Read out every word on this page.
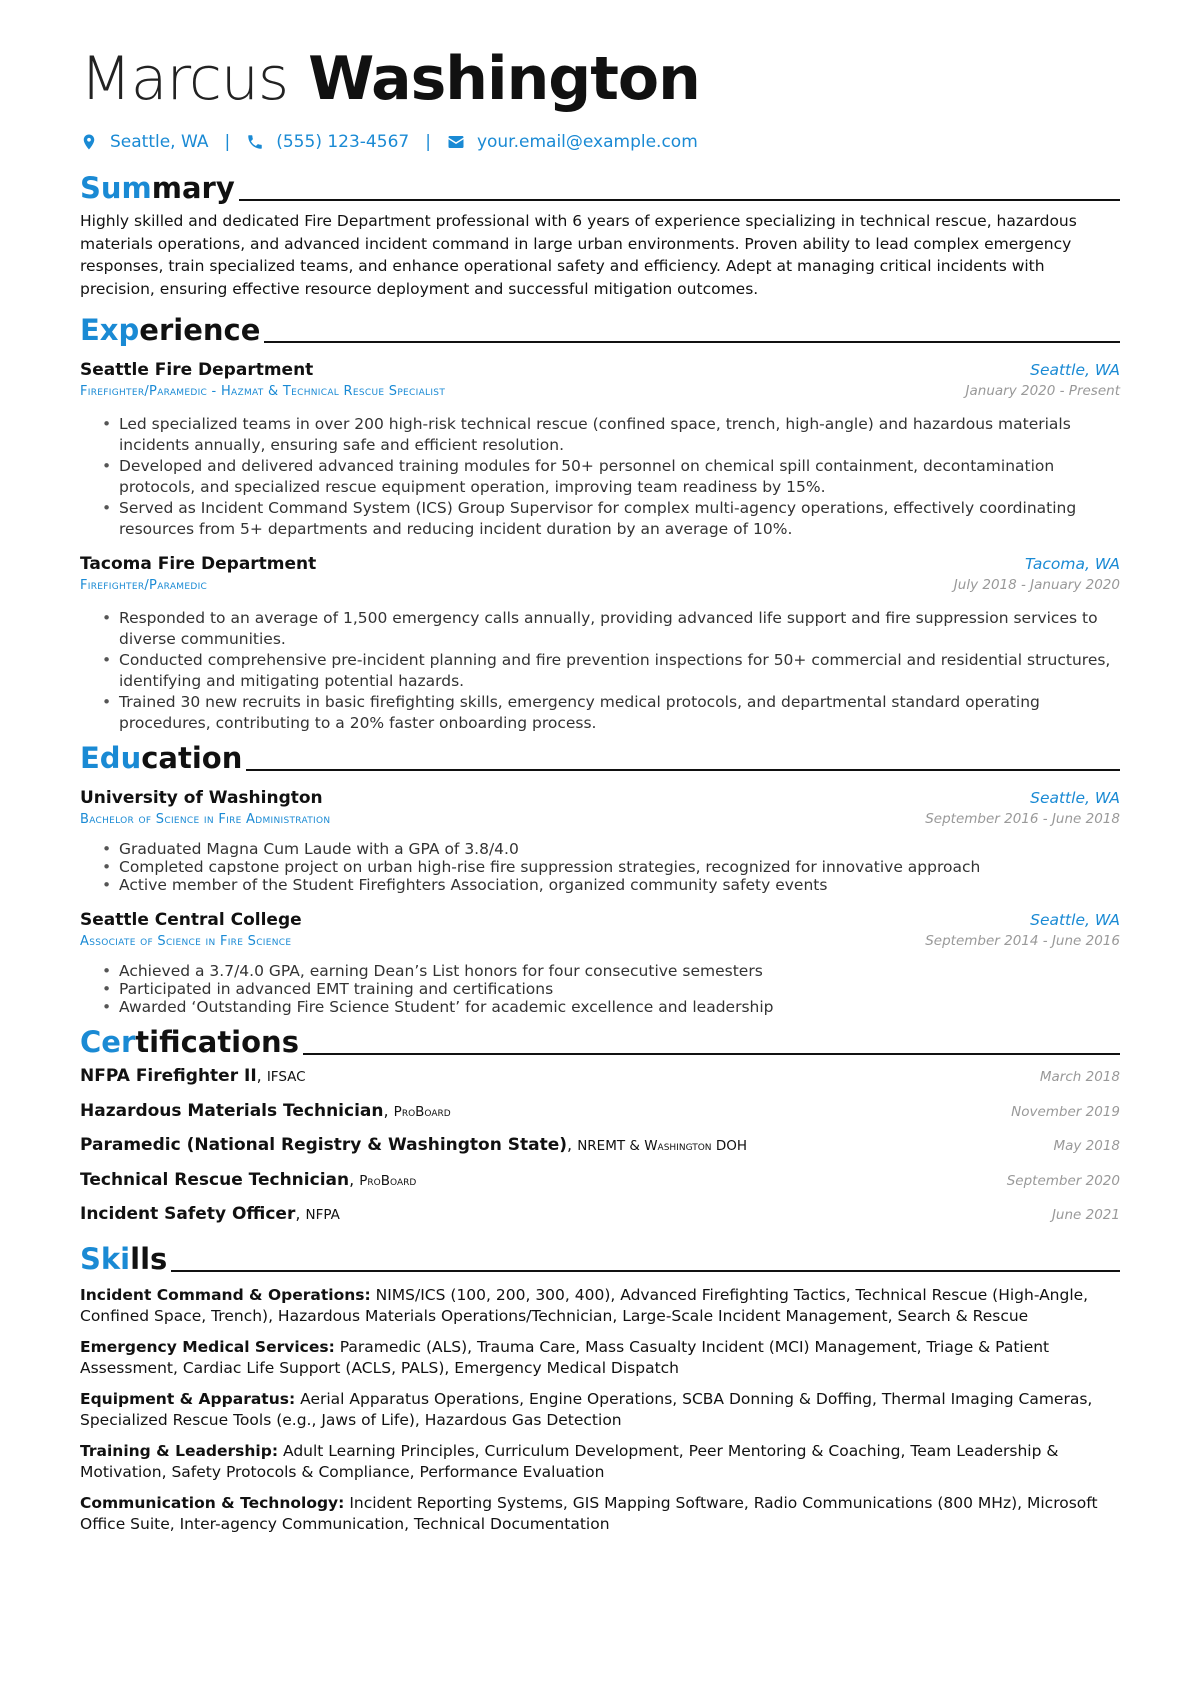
Marcus Washington
Seattle, WA |	(555) 123-4567 |	your.email@example.com
Summary

Highly skilled and dedicated Fire Department professional with 6 years of experience specializing in technical rescue, hazardous materials operations, and advanced incident command in large urban environments. Proven ability to lead complex emergency responses, train specialized teams, and enhance operational safety and efficiency. Adept at managing critical incidents with precision, ensuring effective resource deployment and successful mitigation outcomes.

Experience
Seattle Fire Department	Seattle, WA
Firefighter/Paramedic - Hazmat & Technical Rescue Specialist	January 2020 - Present
• Led specialized teams in over 200 high-risk technical rescue (confined space, trench, high-angle) and hazardous materials incidents annually, ensuring safe and efficient resolution.
• Developed and delivered advanced training modules for 50+ personnel on chemical spill containment, decontamination protocols, and specialized rescue equipment operation, improving team readiness by 15%.
• Served as Incident Command System (ICS) Group Supervisor for complex multi-agency operations, effectively coordinating resources from 5+ departments and reducing incident duration by an average of 10%.
Tacoma Fire Department	Tacoma, WA
Firefighter/Paramedic	July 2018 - January 2020
• Responded to an average of 1,500 emergency calls annually, providing advanced life support and fire suppression services to diverse communities.
• Conducted comprehensive pre-incident planning and fire prevention inspections for 50+ commercial and residential structures, identifying and mitigating potential hazards.
• Trained 30 new recruits in basic firefighting skills, emergency medical protocols, and departmental standard operating procedures, contributing to a 20% faster onboarding process.
Education
University of Washington	Seattle, WA
Bachelor of Science in Fire Administration	September 2016 - June 2018
• Graduated Magna Cum Laude with a GPA of 3.8/4.0
• Completed capstone project on urban high-rise fire suppression strategies, recognized for innovative approach
• Active member of the Student Firefighters Association, organized community safety events
Seattle Central College	Seattle, WA
Associate of Science in Fire Science	September 2014 - June 2016
• Achieved a 3.7/4.0 GPA, earning Dean’s List honors for four consecutive semesters
• Participated in advanced EMT training and certifications
• Awarded ‘Outstanding Fire Science Student’ for academic excellence and leadership
Certifications
NFPA Firefighter II, IFSAC	March 2018
Hazardous Materials Technician, ProBoard	November 2019
Paramedic (National Registry & Washington State), NREMT & Washington DOH	May 2018
Technical Rescue Technician, ProBoard	September 2020
Incident Safety Officer, NFPA	June 2021
Skills

Incident Command & Operations: NIMS/ICS (100, 200, 300, 400), Advanced Firefighting Tactics, Technical Rescue (High-Angle, Confined Space, Trench), Hazardous Materials Operations/Technician, Large-Scale Incident Management, Search & Rescue

Emergency Medical Services: Paramedic (ALS), Trauma Care, Mass Casualty Incident (MCI) Management, Triage & Patient Assessment, Cardiac Life Support (ACLS, PALS), Emergency Medical Dispatch

Equipment & Apparatus: Aerial Apparatus Operations, Engine Operations, SCBA Donning & Doffing, Thermal Imaging Cameras, Specialized Rescue Tools (e.g., Jaws of Life), Hazardous Gas Detection

Training & Leadership: Adult Learning Principles, Curriculum Development, Peer Mentoring & Coaching, Team Leadership & Motivation, Safety Protocols & Compliance, Performance Evaluation

Communication & Technology: Incident Reporting Systems, GIS Mapping Software, Radio Communications (800 MHz), Microsoft Office Suite, Inter-agency Communication, Technical Documentation
